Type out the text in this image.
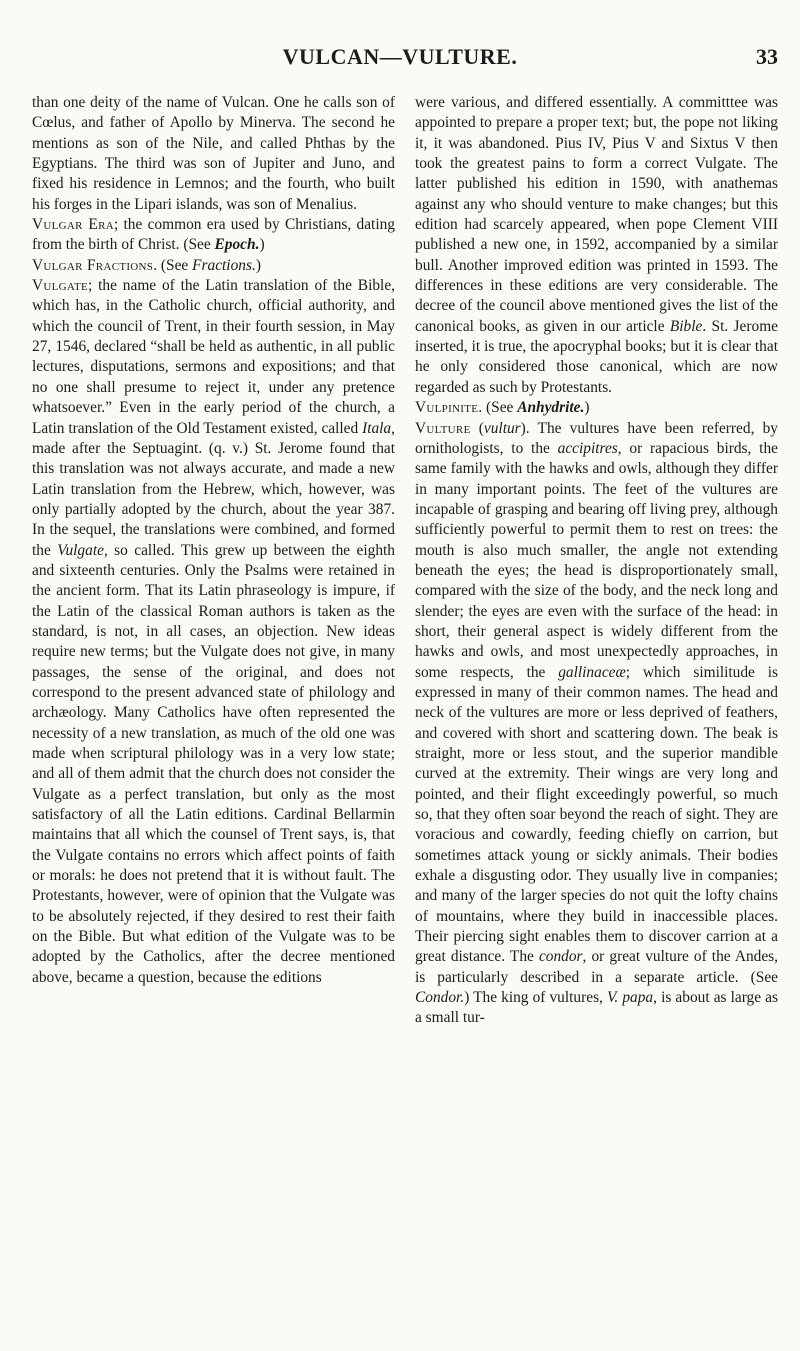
VULCAN—VULTURE.	33

than one deity of the name of Vulcan. One he calls son of Cœlus, and father of Apollo by Minerva. The second he mentions as son of the Nile, and called Phthas by the Egyptians. The third was son of Jupiter and Juno, and fixed his residence in Lemnos; and the fourth, who built his forges in the Lipari islands, was son of Menalius.

Vulgar Era; the common era used by Christians, dating from the birth of Christ. (See Epoch.)

Vulgar Fractions. (See Fractions.)

Vulgate; the name of the Latin translation of the Bible, which has, in the Catholic church, official authority, and which the council of Trent, in their fourth session, in May 27, 1546, declared “shall be held as authentic, in all public lectures, disputations, sermons and expositions; and that no one shall presume to reject it, under any pretence whatsoever.” Even in the early period of the church, a Latin translation of the Old Testament existed, called Itala, made after the Septuagint. (q. v.) St. Jerome found that this translation was not always accurate, and made a new Latin translation from the Hebrew, which, however, was only partially adopted by the church, about the year 387. In the sequel, the translations were combined, and formed the Vulgate, so called. This grew up between the eighth and sixteenth centuries. Only the Psalms were retained in the ancient form. That its Latin phraseology is impure, if the Latin of the classical Roman authors is taken as the standard, is not, in all cases, an objection. New ideas require new terms; but the Vulgate does not give, in many passages, the sense of the original, and does not correspond to the present advanced state of philology and archæology. Many Catholics have often represented the necessity of a new translation, as much of the old one was made when scriptural philology was in a very low state; and all of them admit that the church does not consider the Vulgate as a perfect translation, but only as the most satisfactory of all the Latin editions. Cardinal Bellarmin maintains that all which the counsel of Trent says, is, that the Vulgate contains no errors which affect points of faith or morals: he does not pretend that it is without fault. The Protestants, however, were of opinion that the Vulgate was to be absolutely rejected, if they desired to rest their faith on the Bible. But what edition of the Vulgate was to be adopted by the Catholics, after the decree mentioned above, became a question, because the editions

were various, and differed essentially. A committtee was appointed to prepare a proper text; but, the pope not liking it, it was abandoned. Pius IV, Pius V and Sixtus V then took the greatest pains to form a correct Vulgate. The latter published his edition in 1590, with anathemas against any who should venture to make changes; but this edition had scarcely appeared, when pope Clement VIII published a new one, in 1592, accompanied by a similar bull. Another improved edition was printed in 1593. The differences in these editions are very considerable. The decree of the council above mentioned gives the list of the canonical books, as given in our article Bible. St. Jerome inserted, it is true, the apocryphal books; but it is clear that he only considered those canonical, which are now regarded as such by Protestants.

Vulpinite. (See Anhydrite.)

Vulture (vultur). The vultures have been referred, by ornithologists, to the accipitres, or rapacious birds, the same family with the hawks and owls, although they differ in many important points. The feet of the vultures are incapable of grasping and bearing off living prey, although sufficiently powerful to permit them to rest on trees: the mouth is also much smaller, the angle not extending beneath the eyes; the head is disproportionately small, compared with the size of the body, and the neck long and slender; the eyes are even with the surface of the head: in short, their general aspect is widely different from the hawks and owls, and most unexpectedly approaches, in some respects, the gallinaceæ; which similitude is expressed in many of their common names. The head and neck of the vultures are more or less deprived of feathers, and covered with short and scattering down. The beak is straight, more or less stout, and the superior mandible curved at the extremity. Their wings are very long and pointed, and their flight exceedingly powerful, so much so, that they often soar beyond the reach of sight. They are voracious and cowardly, feeding chiefly on carrion, but sometimes attack young or sickly animals. Their bodies exhale a disgusting odor. They usually live in companies; and many of the larger species do not quit the lofty chains of mountains, where they build in inaccessible places. Their piercing sight enables them to discover carrion at a great distance. The condor, or great vulture of the Andes, is particularly described in a separate article. (See Condor.) The king of vultures, V. papa, is about as large as a small tur-
